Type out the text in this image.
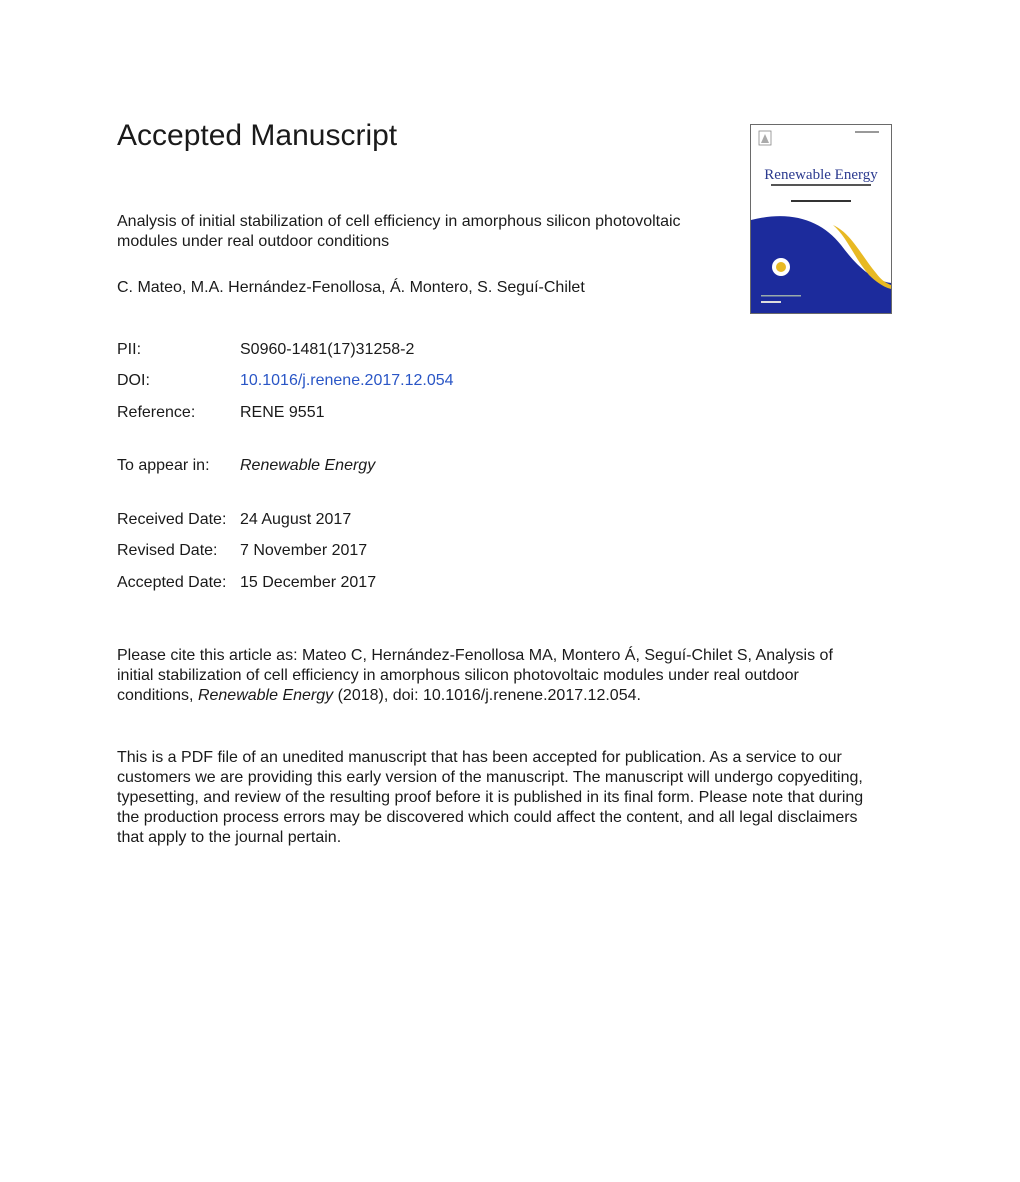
Accepted Manuscript
Renewable Energy
Analysis of initial stabilization of cell efficiency in amorphous silicon photovoltaic modules under real outdoor conditions
C. Mateo, M.A. Hernández-Fenollosa, Á. Montero, S. Seguí-Chilet
PII:	S0960-1481(17)31258-2
DOI:	10.1016/j.renene.2017.12.054
Reference:	RENE 9551
To appear in: Renewable Energy
Received Date: 24 August 2017
Revised Date: 7 November 2017
Accepted Date: 15 December 2017
Please cite this article as: Mateo C, Hernández-Fenollosa MA, Montero Á, Seguí-Chilet S, Analysis of initial stabilization of cell efficiency in amorphous silicon photovoltaic modules under real outdoor conditions, Renewable Energy (2018), doi: 10.1016/j.renene.2017.12.054.
This is a PDF file of an unedited manuscript that has been accepted for publication. As a service to our customers we are providing this early version of the manuscript. The manuscript will undergo copyediting, typesetting, and review of the resulting proof before it is published in its final form. Please note that during the production process errors may be discovered which could affect the content, and all legal disclaimers that apply to the journal pertain.
